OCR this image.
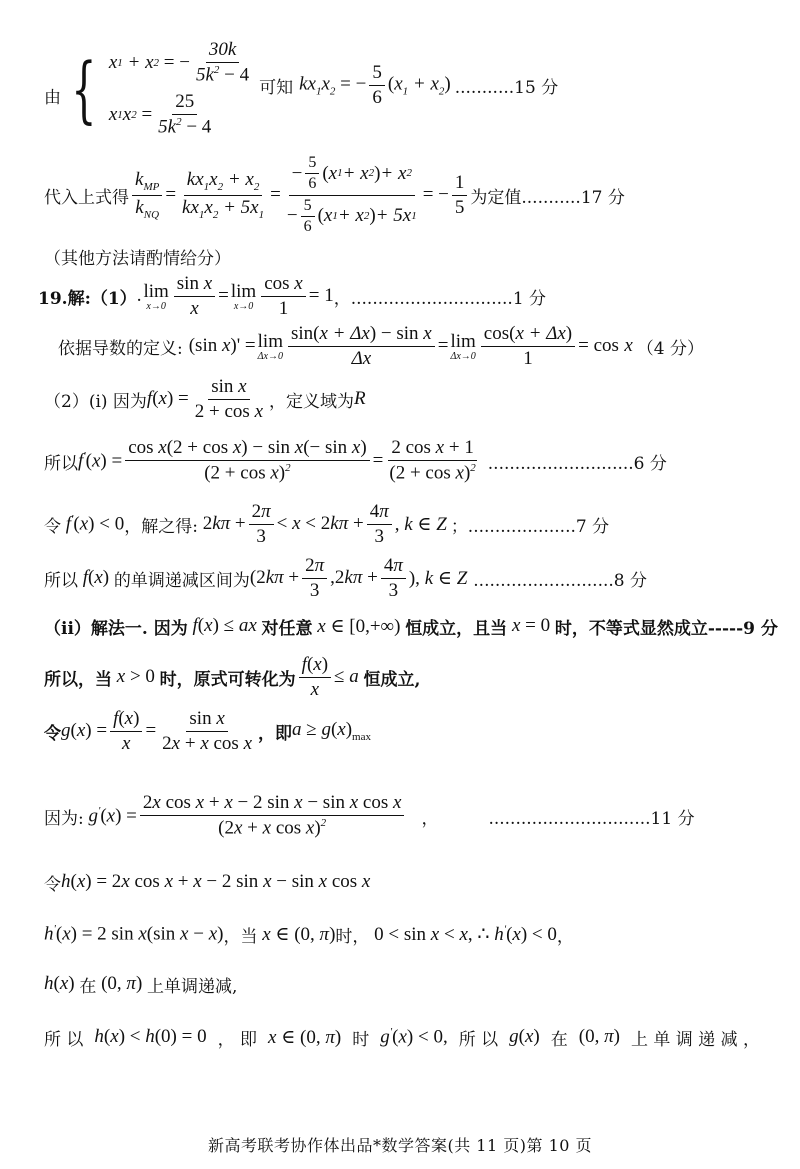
由 { x 1 + x 2
=
− $\frac{30k}{5k^2 - 4}$
x 1 x 2
= $\frac{25}{5k^2 - 4}$
可知 $kx_1x_2$ = − $\frac{5}{6} (x_1 + x_2)$ ...........15 分
代入上式得 $\frac{k_{MP}}{k_{NQ}} = \frac{kx_1x_2 + x_2}{kx_1x_2 + 5x_1} = \frac{- \frac{5}{6} ( x 1 + x 2 ) + x 2}{- \frac{5}{6} ( x 1 + x 2 ) + 5x 1}$ = − $\frac{1}{5}$ 为定值 ...........17 分
（其他方法请酌情给分）
19.解:（1） . lim
$x\to 0 \frac{\text{sin x}}{x} = \lim$
$x\to 0 \frac{\text{cos x}}{1} = 1$ ， ..............................1 分
依据导数的定义: (sin x)' = lim
$\Delta x\to 0 \frac{\text{sin(x + Δx) − sin x}}{\Delta x} = \lim$
$\Delta x\to 0 \frac{\cos(x + \Delta x)}{1} = \cos$
x （4 分）
（2）(i) 因为 $f(x) = \frac{\text{sin x}}{\text{2 + cos x}}$ ，定义域为 R
所以 $f'(x) = \frac{\text{cos x(2 + cos x) − sin x(− sin x)}}{(2 + \cos x)^2} = \frac{\text{2 cos x + 1}}{(2 + \cos x)^2} ...........................6$ 分
令 f'(x) < 0 ，解之得: $2k\pi + \frac{2\pi}{3} < x < 2k\pi + \frac{4\pi}{3}$ , k ∈ Z ；....................7 分
所以 f(x) 的单调递减区间为 ($2k\pi + \frac{2\pi}{3} ,2k\pi + \frac{4\pi}{3}$ ), k ∈ Z ..........................8 分
（ii）解法一. 因为 f(x) ≤ ax 对任意 x ∈ [0,+∞) 恒成立，且当 x = 0 时，不等式显然成立-----9 分
所以，当 x > 0 时，原式可转化为 $\frac{f(x)}{x} \le a$ 恒成立,
令 $g(x) = \frac{f(x)}{x} = \frac{\text{sin x}}{\text{2x + x cos x}}$ ，即 $a \ge g(x)_{max}$
因为: $g'(x) = \frac{\text{2x cos x + x − 2 sin x − sin x cos x}}{(2x + x \cos x)^2}$ ，	..............................11 分
令 h(x) = 2x cos x + x − 2 sin x − sin x cos x
h'(x) = 2 sin x(sin x − x) ，当 x ∈ (0, π) 时， 0 < sin x < x, ∴ h'(x) < 0 ，
h(x) 在 (0, π) 上单调递减,
所 以 h(x) < h(0) = 0 ， 即 x ∈ (0, π) 时 g'(x) < 0, 所 以 g(x) 在 (0, π) 上 单 调 递 减 ，
新高考联考协作体出品*数学答案(共 11 页)第 10 页
